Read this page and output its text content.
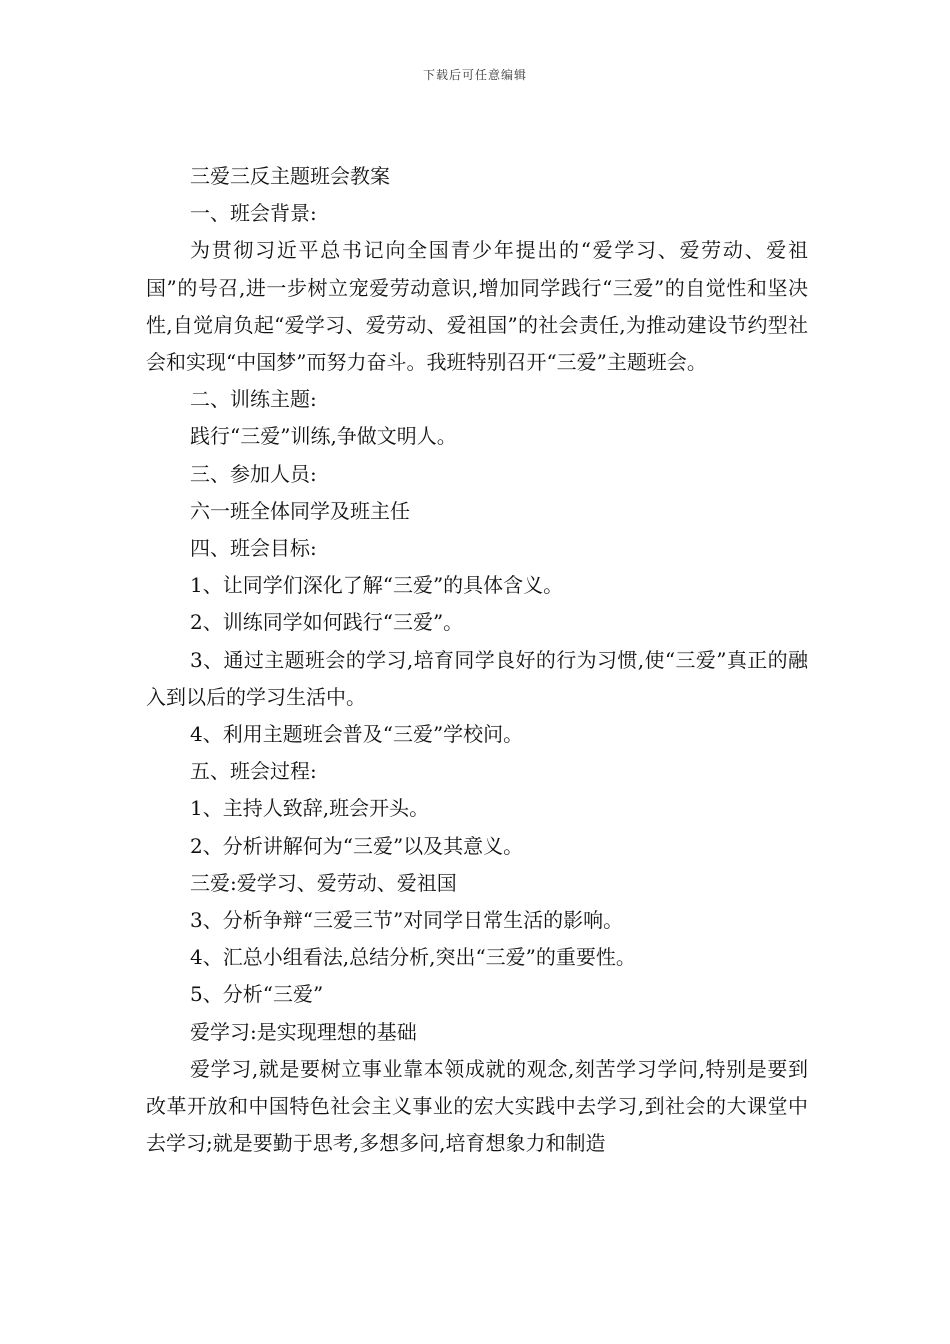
下载后可任意编辑

三爱三反主题班会教案

一、班会背景:

为贯彻习近平总书记向全国青少年提出的“爱学习、爱劳动、爱祖国”的号召,进一步树立宠爱劳动意识,增加同学践行“三爱”的自觉性和坚决性,自觉肩负起“爱学习、爱劳动、爱祖国”的社会责任,为推动建设节约型社会和实现“中国梦”而努力奋斗。我班特别召开“三爱”主题班会。

二、训练主题:

践行“三爱”训练,争做文明人。

三、参加人员:

六一班全体同学及班主任

四、班会目标:

1、让同学们深化了解“三爱”的具体含义。

2、训练同学如何践行“三爱”。

3、通过主题班会的学习,培育同学良好的行为习惯,使“三爱”真正的融入到以后的学习生活中。

4、利用主题班会普及“三爱”学校问。

五、班会过程:

1、主持人致辞,班会开头。

2、分析讲解何为“三爱”以及其意义。

三爱:爱学习、爱劳动、爱祖国

3、分析争辩“三爱三节”对同学日常生活的影响。

4、汇总小组看法,总结分析,突出“三爱”的重要性。

5、分析“三爱”

爱学习:是实现理想的基础

爱学习,就是要树立事业靠本领成就的观念,刻苦学习学问,特别是要到改革开放和中国特色社会主义事业的宏大实践中去学习,到社会的大课堂中去学习;就是要勤于思考,多想多问,培育想象力和制造
